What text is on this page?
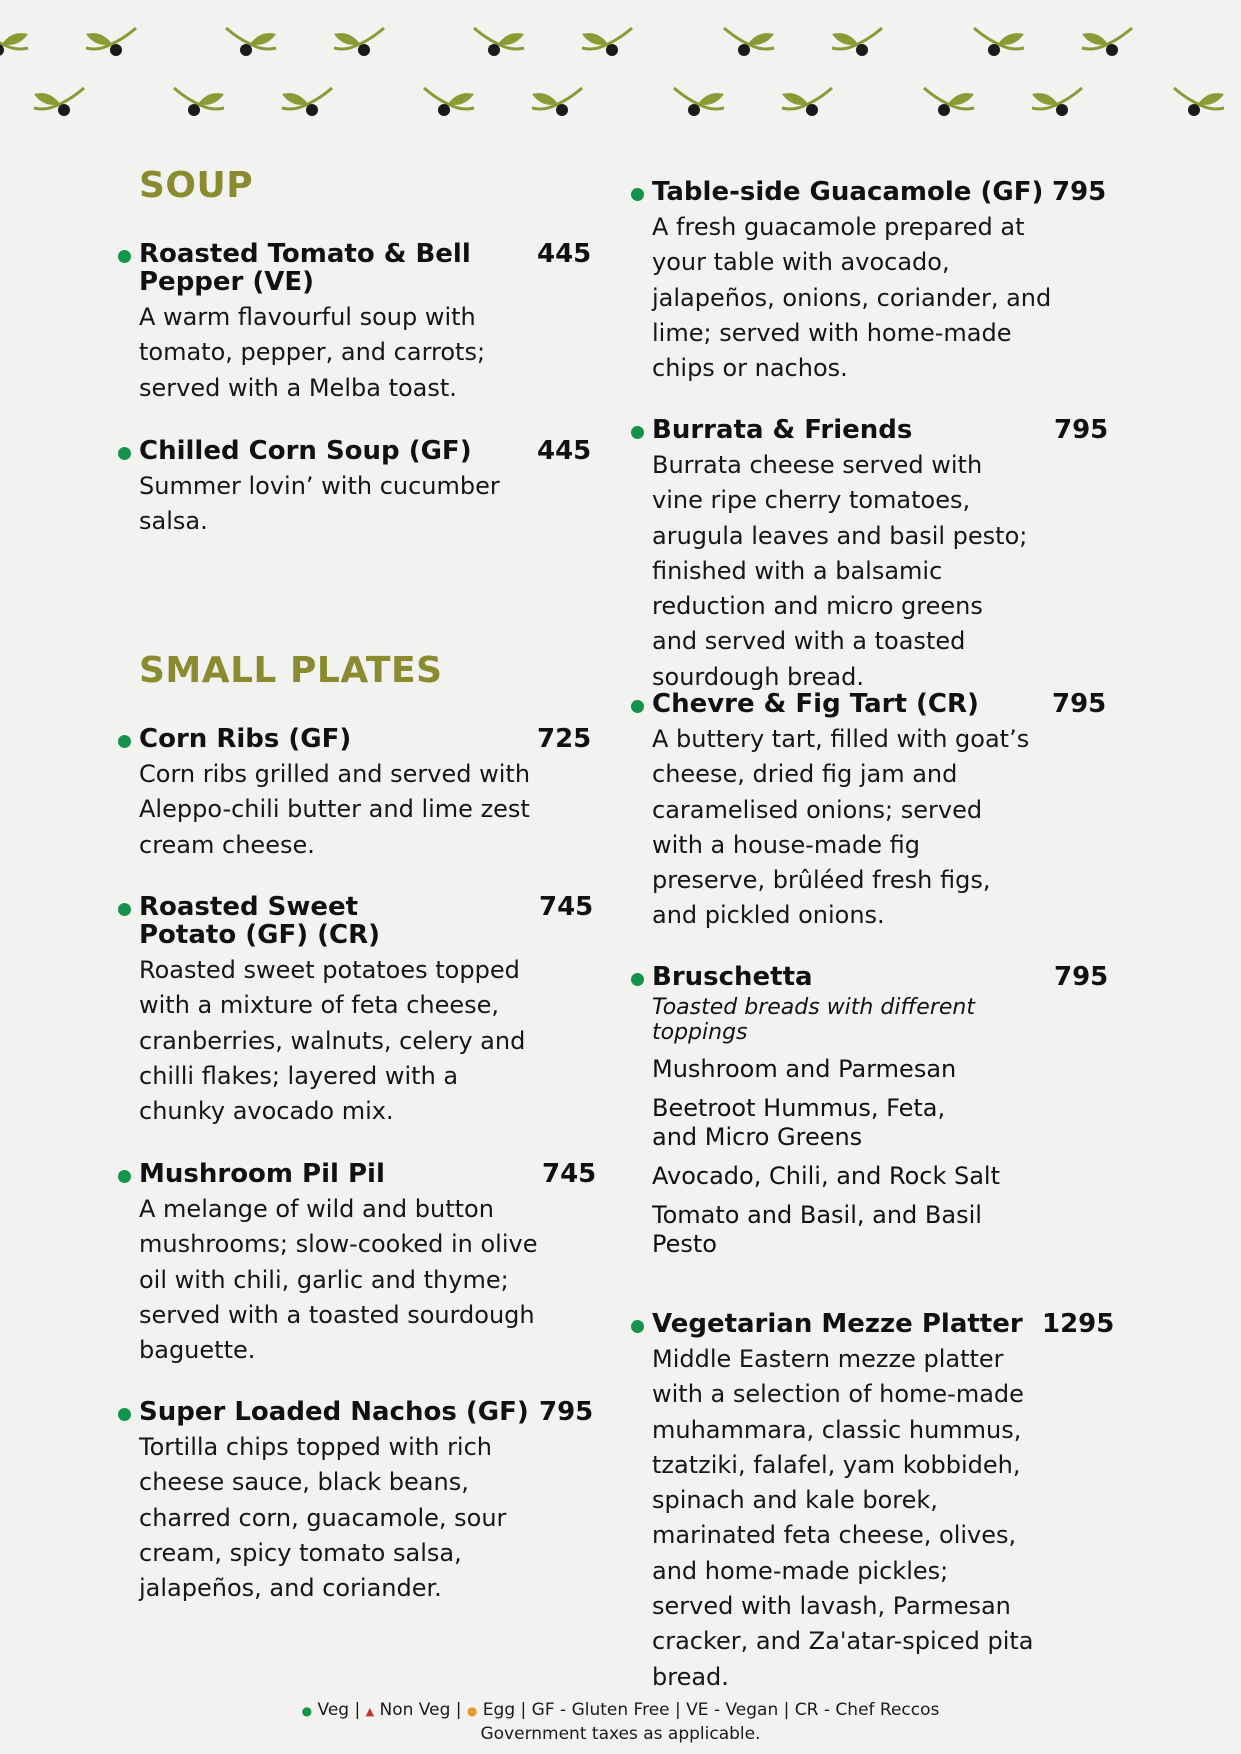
SOUP

Roasted Tomato & Bell Pepper (VE)

445

A warm flavourful soup with tomato, pepper, and carrots; served with a Melba toast.

Chilled Corn Soup (GF)	445

Summer lovin’ with cucumber salsa.

SMALL PLATES

Corn Ribs (GF)	725

Corn ribs grilled and served with Aleppo-chili butter and lime zest cream cheese.

Roasted Sweet Potato (GF) (CR)

745

Roasted sweet potatoes topped with a mixture of feta cheese, cranberries, walnuts, celery and chilli flakes; layered with a chunky avocado mix.

Mushroom Pil Pil	745

A melange of wild and button mushrooms; slow-cooked in olive oil with chili, garlic and thyme; served with a toasted sourdough baguette.

Super Loaded Nachos (GF) 795

Tortilla chips topped with rich cheese sauce, black beans, charred corn, guacamole, sour cream, spicy tomato salsa, jalapeños, and coriander.

Table-side Guacamole (GF) 795

A fresh guacamole prepared at your table with avocado, jalapeños, onions, coriander, and lime; served with home-made chips or nachos.

Burrata & Friends	795

Burrata cheese served with vine ripe cherry tomatoes, arugula leaves and basil pesto; finished with a balsamic reduction and micro greens and served with a toasted sourdough bread.

Chevre & Fig Tart (CR)	795

A buttery tart, filled with goat’s cheese, dried fig jam and caramelised onions; served with a house-made fig preserve, brûléed fresh figs, and pickled onions.

Bruschetta	795

Toasted breads with different toppings

Mushroom and Parmesan

Beetroot Hummus, Feta, and Micro Greens

Avocado, Chili, and Rock Salt

Tomato and Basil, and Basil Pesto

Vegetarian Mezze Platter 1295

Middle Eastern mezze platter with a selection of home-made muhammara, classic hummus, tzatziki, falafel, yam kobbideh, spinach and kale borek, marinated feta cheese, olives, and home-made pickles; served with lavash, Parmesan cracker, and Za'atar-spiced pita bread.

● Veg | ▲ Non Veg | ● Egg | GF - Gluten Free | VE - Vegan | CR - Chef Reccos
Government taxes as applicable.
